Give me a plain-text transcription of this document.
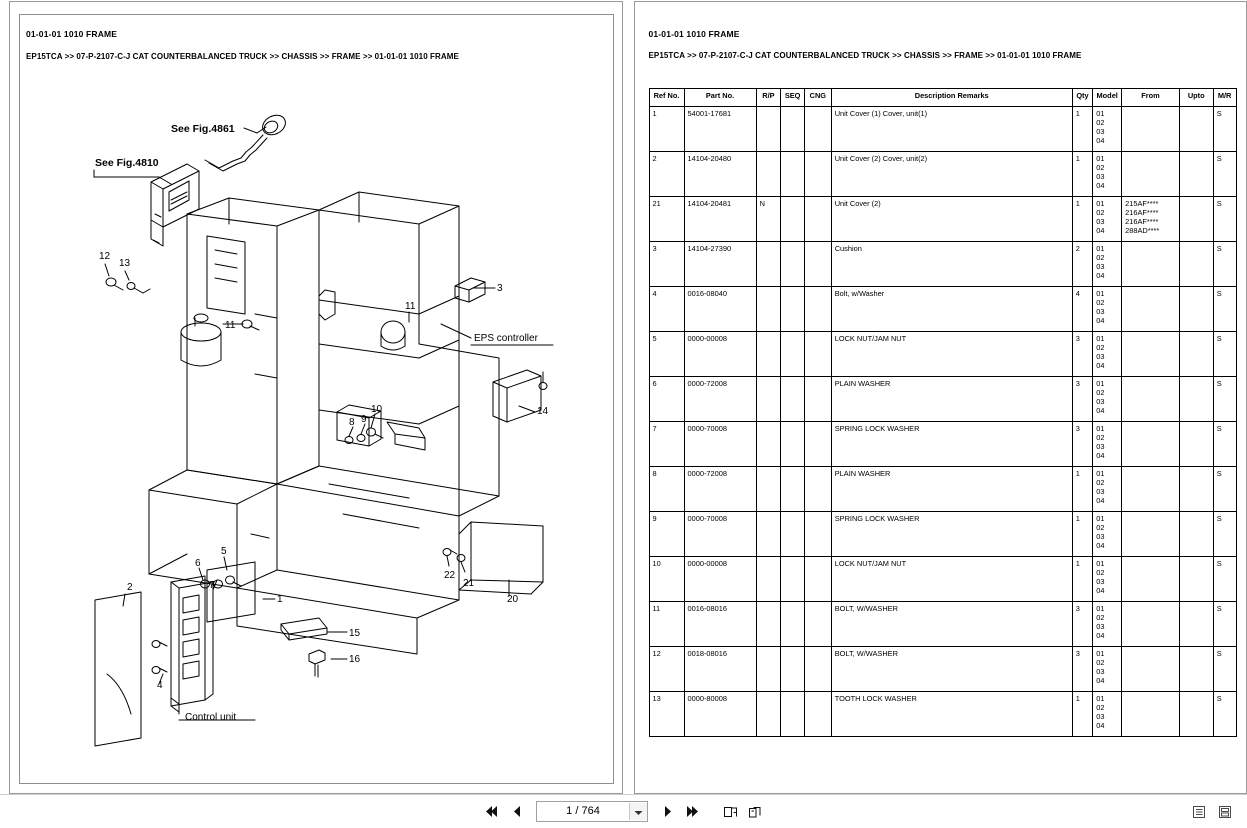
01-01-01 1010 FRAME
EP15TCA >> 07-P-2107-C-J CAT COUNTERBALANCED TRUCK >> CHASSIS >> FRAME >> 01-01-01 1010 FRAME
See Fig.4861
See Fig.4810
12
13
11
11
3
EPS controller
14
10
9
8
20
21
22
15
16
1
Control unit
2
4
5
6
7
01-01-01 1010 FRAME
EP15TCA >> 07-P-2107-C-J CAT COUNTERBALANCED TRUCK >> CHASSIS >> FRAME >> 01-01-01 1010 FRAME
Ref No.	Part No.	R/P	SEQ	CNG	Description Remarks	Qty	Model	From	Upto	M/R
1	54001-17681				Unit Cover (1) Cover, unit(1)	1	01
02
03
04			S
2	14104-20480				Unit Cover (2) Cover, unit(2)	1	01
02
03
04			S
21	14104-20481	N			Unit Cover (2)	1	01
02
03
04	215AF****
216AF****
216AF****
288AD****		S
3	14104-27390				Cushion	2	01
02
03
04			S
4	0016-08040				Bolt, w/Washer	4	01
02
03
04			S
5	0000-00008				LOCK NUT/JAM NUT	3	01
02
03
04			S
6	0000-72008				PLAIN WASHER	3	01
02
03
04			S
7	0000-70008				SPRING LOCK WASHER	3	01
02
03
04			S
8	0000-72008				PLAIN WASHER	1	01
02
03
04			S
9	0000-70008				SPRING LOCK WASHER	1	01
02
03
04			S
10	0000-00008				LOCK NUT/JAM NUT	1	01
02
03
04			S
11	0016-08016				BOLT, W/WASHER	3	01
02
03
04			S
12	0018-08016				BOLT, W/WASHER	3	01
02
03
04			S
13	0000-80008				TOOTH LOCK WASHER	1	01
02
03
04			S
1 / 764
